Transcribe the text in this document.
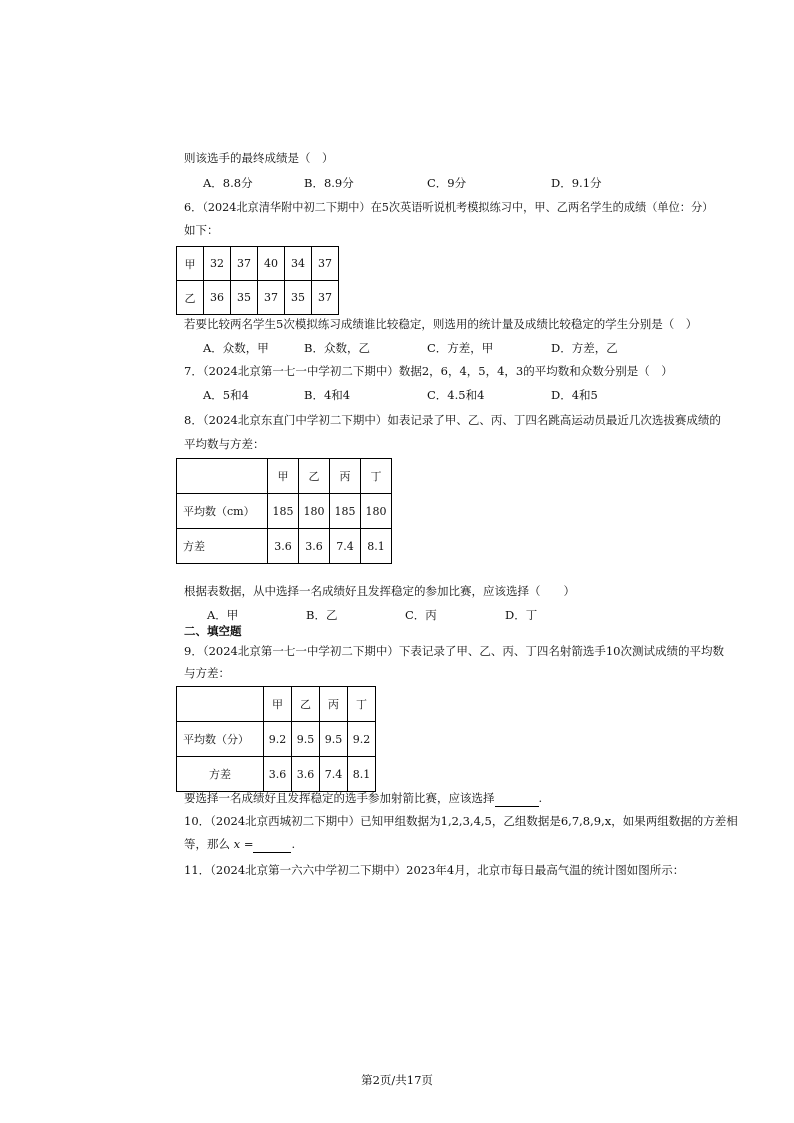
则该选手的最终成绩是（　）
A．8.8分	B．8.9分	C．9分	D．9.1分
6．（2024北京清华附中初二下期中）在5次英语听说机考模拟练习中，甲、乙两名学生的成绩（单位：分）
如下：
甲	32	37	40	34	37
乙	36	35	37	35	37
若要比较两名学生5次模拟练习成绩谁比较稳定，则选用的统计量及成绩比较稳定的学生分别是（　）
A．众数，甲	B．众数，乙	C．方差，甲	D．方差，乙
7．（2024北京第一七一中学初二下期中）数据2，6，4，5，4，3的平均数和众数分别是（　）
A．5和4	B．4和4	C．4.5和4	D．4和5
8．（2024北京东直门中学初二下期中）如表记录了甲、乙、丙、丁四名跳高运动员最近几次选拔赛成绩的
平均数与方差：
	甲	乙	丙	丁
平均数（cm）	185	180	185	180
方差	3.6	3.6	7.4	8.1
根据表数据，从中选择一名成绩好且发挥稳定的参加比赛，应该选择（　　）
A．甲	B．乙	C．丙	D．丁
二、填空题
9．（2024北京第一七一中学初二下期中）下表记录了甲、乙、丙、丁四名射箭选手10次测试成绩的平均数
与方差：
	甲	乙	丙	丁
平均数（分）	9.2	9.5	9.5	9.2
方差	3.6	3.6	7.4	8.1
要选择一名成绩好且发挥稳定的选手参加射箭比赛，应该选择	.
10．（2024北京西城初二下期中）已知甲组数据为1,2,3,4,5，乙组数据是6,7,8,9,x，如果两组数据的方差相
等，那么 x =	.
11．（2024北京第一六六中学初二下期中）2023年4月，北京市每日最高气温的统计图如图所示：
第2页/共17页
